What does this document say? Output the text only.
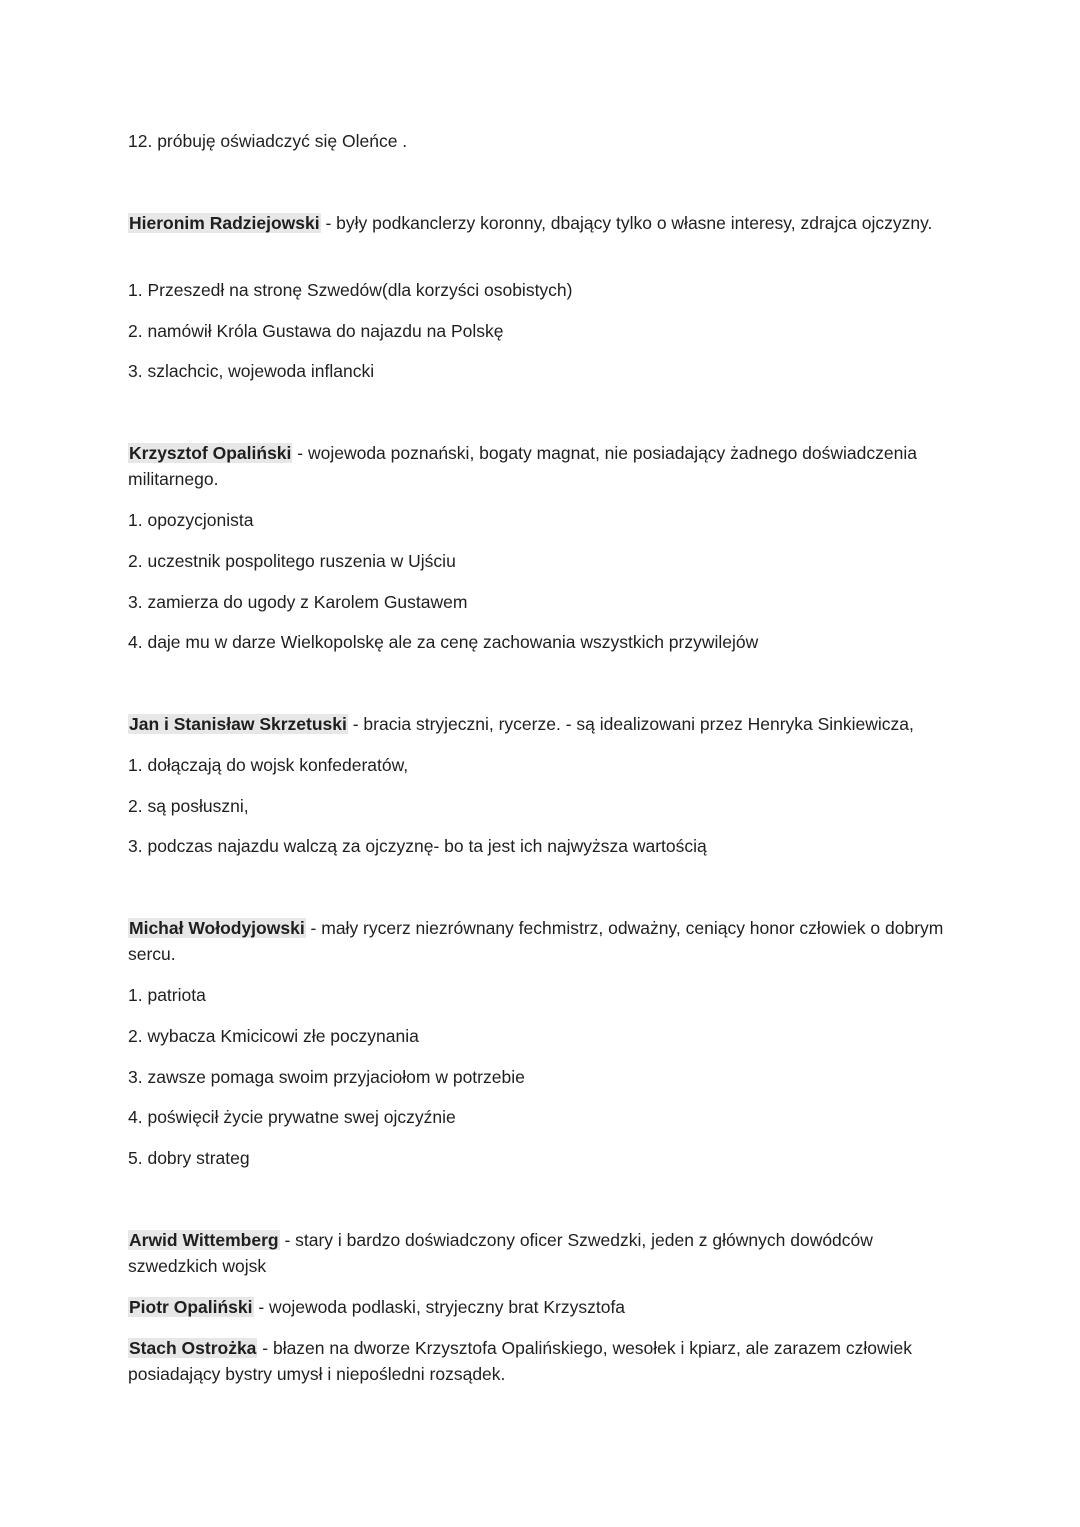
12. próbuję oświadczyć się Oleńce .

Hieronim Radziejowski - były podkanclerzy koronny, dbający tylko o własne interesy, zdrajca ojczyzny.

1. Przeszedł na stronę Szwedów(dla korzyści osobistych)

2. namówił Króla Gustawa do najazdu na Polskę

3. szlachcic, wojewoda inflancki

Krzysztof Opaliński - wojewoda poznański, bogaty magnat, nie posiadający żadnego doświadczenia militarnego.

1. opozycjonista

2. uczestnik pospolitego ruszenia w Ujściu

3. zamierza do ugody z Karolem Gustawem

4. daje mu w darze Wielkopolskę ale za cenę zachowania wszystkich przywilejów

Jan i Stanisław Skrzetuski - bracia stryjeczni, rycerze. - są idealizowani przez Henryka Sinkiewicza,

1. dołączają do wojsk konfederatów,

2. są posłuszni,

3. podczas najazdu walczą za ojczyznę- bo ta jest ich najwyższa wartością

Michał Wołodyjowski - mały rycerz niezrównany fechmistrz, odważny, ceniący honor człowiek o dobrym sercu.

1. patriota

2. wybacza Kmicicowi złe poczynania

3. zawsze pomaga swoim przyjaciołom w potrzebie

4. poświęcił życie prywatne swej ojczyźnie

5. dobry strateg

Arwid Wittemberg - stary i bardzo doświadczony oficer Szwedzki, jeden z głównych dowódców szwedzkich wojsk

Piotr Opaliński - wojewoda podlaski, stryjeczny brat Krzysztofa

Stach Ostrożka - błazen na dworze Krzysztofa Opalińskiego, wesołek i kpiarz, ale zarazem człowiek posiadający bystry umysł i niepośledni rozsądek.
